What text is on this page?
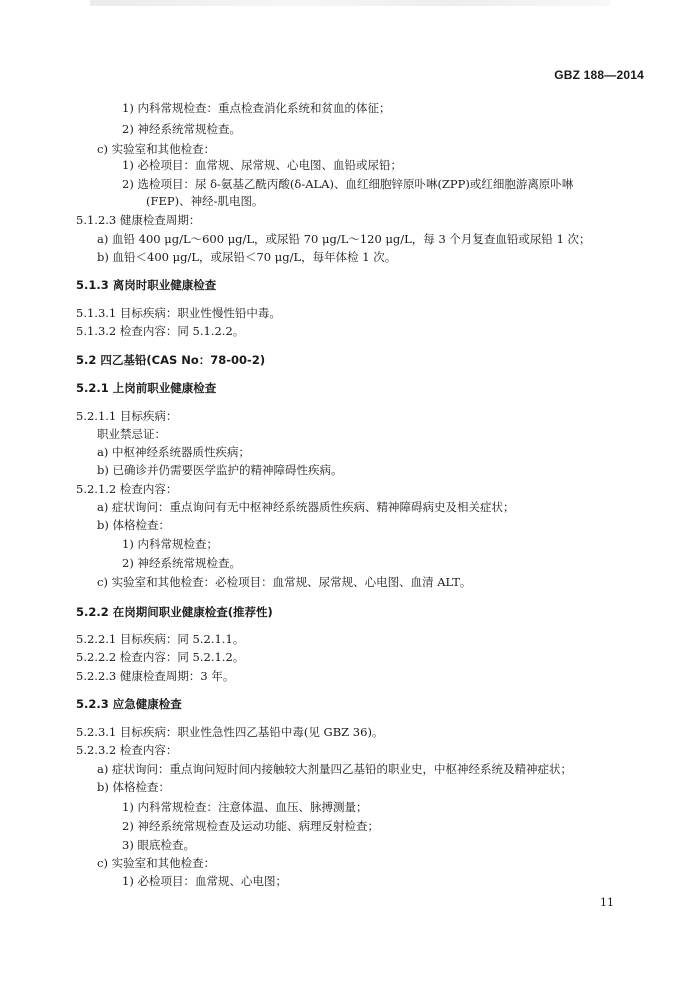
GBZ 188—2014
1) 内科常规检查：重点检查消化系统和贫血的体征；
2) 神经系统常规检查。
c) 实验室和其他检查：
1) 必检项目：血常规、尿常规、心电图、血铅或尿铅；
2) 选检项目：尿 δ-氨基乙酰丙酸(δ-ALA)、血红细胞锌原卟啉(ZPP)或红细胞游离原卟啉
(FEP)、神经-肌电图。
5.1.2.3 健康检查周期：
a) 血铅 400 μg/L～600 μg/L，或尿铅 70 μg/L～120 μg/L，每 3 个月复查血铅或尿铅 1 次；
b) 血铅＜400 μg/L，或尿铅＜70 μg/L，每年体检 1 次。
5.1.3 离岗时职业健康检查
5.1.3.1 目标疾病：职业性慢性铅中毒。
5.1.3.2 检查内容：同 5.1.2.2。
5.2 四乙基铅(CAS No：78-00-2)
5.2.1 上岗前职业健康检查
5.2.1.1 目标疾病：
职业禁忌证：
a) 中枢神经系统器质性疾病；
b) 已确诊并仍需要医学监护的精神障碍性疾病。
5.2.1.2 检查内容：
a) 症状询问：重点询问有无中枢神经系统器质性疾病、精神障碍病史及相关症状；
b) 体格检查：
1) 内科常规检查；
2) 神经系统常规检查。
c) 实验室和其他检查：必检项目：血常规、尿常规、心电图、血清 ALT。
5.2.2 在岗期间职业健康检查(推荐性)
5.2.2.1 目标疾病：同 5.2.1.1。
5.2.2.2 检查内容：同 5.2.1.2。
5.2.2.3 健康检查周期：3 年。
5.2.3 应急健康检查
5.2.3.1 目标疾病：职业性急性四乙基铅中毒(见 GBZ 36)。
5.2.3.2 检查内容：
a) 症状询问：重点询问短时间内接触较大剂量四乙基铅的职业史，中枢神经系统及精神症状；
b) 体格检查：
1) 内科常规检查：注意体温、血压、脉搏测量；
2) 神经系统常规检查及运动功能、病理反射检查；
3) 眼底检查。
c) 实验室和其他检查：
1) 必检项目：血常规、心电图；
11
